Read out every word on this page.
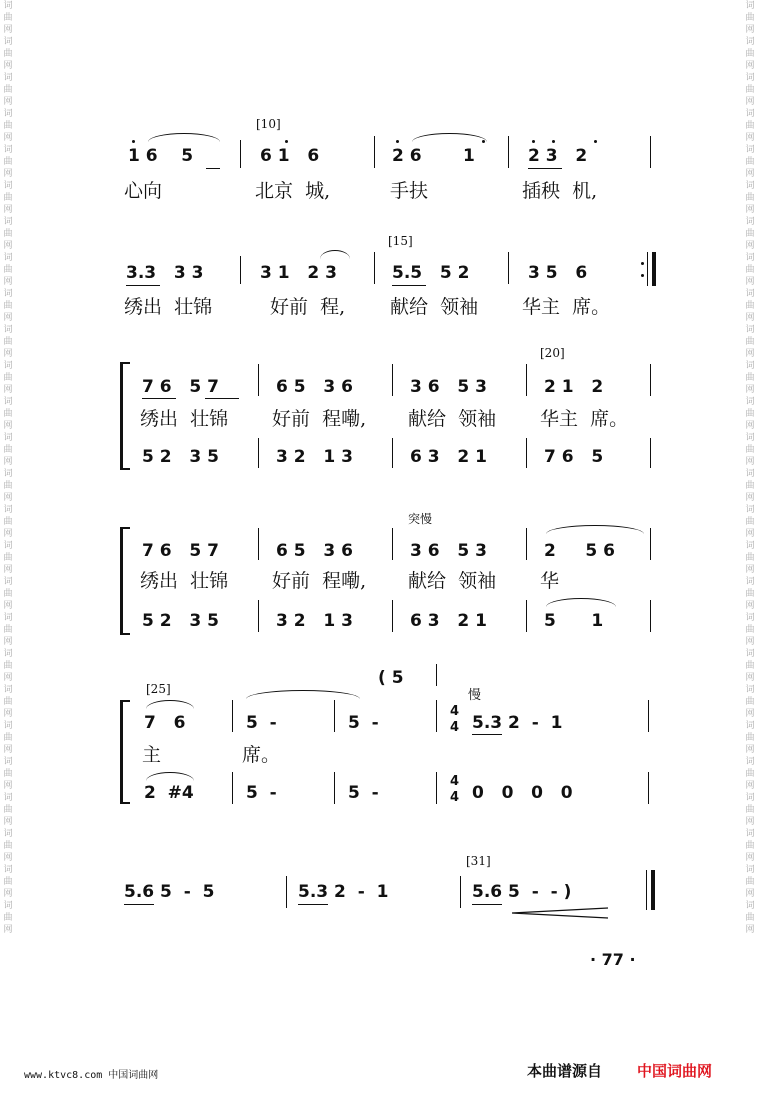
词曲网词曲网词曲网词曲网词曲网词曲网词曲网词曲网词曲网词曲网词曲网词曲网词曲网词曲网词曲网词曲网词曲网词曲网词曲网词曲网词曲网词曲网词曲网词曲网词曲网词曲网
词曲网词曲网词曲网词曲网词曲网词曲网词曲网词曲网词曲网词曲网词曲网词曲网词曲网词曲网词曲网词曲网词曲网词曲网词曲网词曲网词曲网词曲网词曲网词曲网词曲网词曲网
[10]
1 6    5	6 1   6	2 6       1	2 3   2
心向	北京  城,	手扶	插秧  机,
[15]
3.3   3 3	3 1   2 3	5.5   5 2	3 5   6
绣出  壮锦	好前  程, 献给  领袖 华主  席。
[20]
7 6   5 7	6 5   3 6	3 6   5 3	2 1   2
绣出  壮锦 好前  程嘞, 献给  领袖 华主  席。
5 2   3 5	3 2   1 3	6 3   2 1	7 6   5
突慢
7 6   5 7	6 5   3 6	3 6   5 3	2     5 6
绣出  壮锦 好前  程嘞, 献给  领袖 华
5 2   3 5	3 2   1 3	6 3   2 1	5      1
[25]
( 5
慢
7   6	5  -	5  -
4
4 5.3 2  -  1
主	席。
2  #4	5  -	5  -
4
4 0   0   0   0
[31]
5.6 5  -  5	5.3 2  -  1	5.6 5  -  - )
· 77 ·
www.ktvc8.com 中国词曲网	本曲谱源自 中国词曲网
